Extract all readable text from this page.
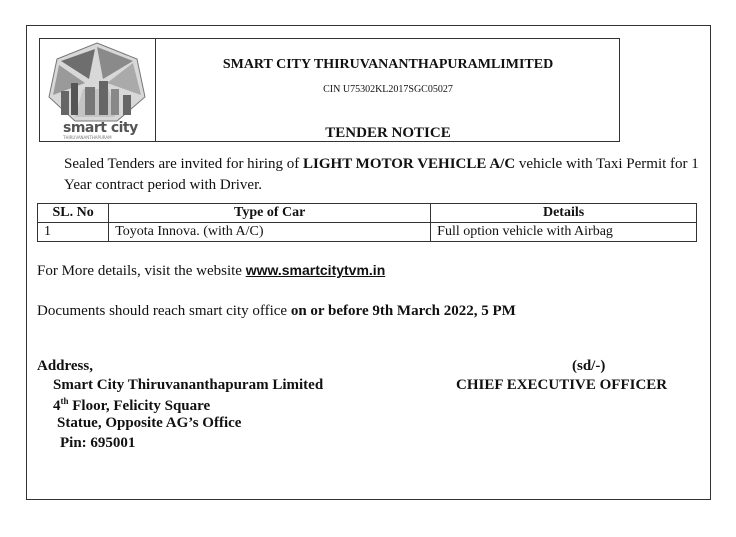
smart city
THIRUVANANTHAPURAM
SMART CITY THIRUVANANTHAPURAMLIMITED
CIN U75302KL2017SGC05027
TENDER NOTICE
Sealed Tenders are invited for hiring of LIGHT MOTOR VEHICLE A/C vehicle with Taxi Permit for 1 Year contract period with Driver.
SL. No	Type of Car	Details
1	Toyota Innova. (with A/C)	Full option vehicle with Airbag
For More details, visit the website www.smartcitytvm.in
Documents should reach smart city office on or before 9th March 2022, 5 PM
Address,
Smart City Thiruvananthapuram Limited
4th Floor, Felicity Square
Statue, Opposite AG’s Office
Pin: 695001
(sd/-)
CHIEF EXECUTIVE OFFICER
